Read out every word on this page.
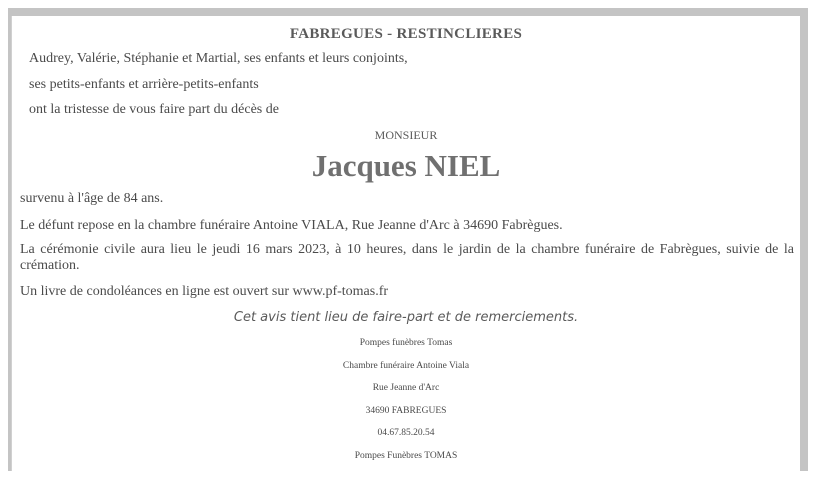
FABREGUES - RESTINCLIERES

Audrey, Valérie, Stéphanie et Martial, ses enfants et leurs conjoints,

ses petits-enfants et arrière-petits-enfants

ont la tristesse de vous faire part du décès de

MONSIEUR

Jacques NIEL

survenu à l'âge de 84 ans.

Le défunt repose en la chambre funéraire Antoine VIALA, Rue Jeanne d'Arc à 34690 Fabrègues.

La cérémonie civile aura lieu le jeudi 16 mars 2023, à 10 heures, dans le jardin de la chambre funéraire de Fabrègues, suivie de la crémation.

Un livre de condoléances en ligne est ouvert sur www.pf-tomas.fr

Cet avis tient lieu de faire-part et de remerciements.

Pompes funèbres Tomas

Chambre funéraire Antoine Viala

Rue Jeanne d'Arc

34690 FABREGUES

04.67.85.20.54

Pompes Funèbres TOMAS
